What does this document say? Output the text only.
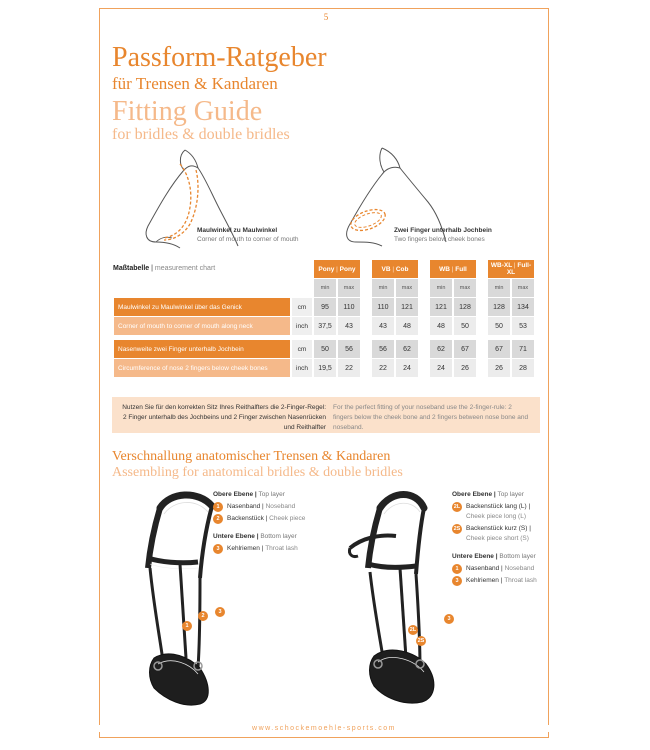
5
Passform-Ratgeber
für Trensen & Kandaren
Fitting Guide
for bridles & double bridles
Maulwinkel zu Maulwinkel
Corner of mouth to corner of mouth
Zwei Finger unterhalb Jochbein
Two fingers below cheek bones
		Pony | Pony			VB | Cob			WB | Full			WB-XL | Full-XL	
		min	max		min	max		min	max		min	max
Maulwinkel zu Maulwinkel über das Genick	cm	95	110		110	121		121	128		128	134
Corner of mouth to corner of mouth along neck	inch	37,5	43		43	48		48	50		50	53

Nasenweite zwei Finger unterhalb Jochbein	cm	50	56		56	62		62	67		67	71
Circumference of nose 2 fingers below cheek bones	inch	19,5	22		22	24		24	26		26	28
Maßtabelle | measurement chart
Nutzen Sie für den korrekten Sitz Ihres Reithalfters die 2-Finger-Regel: 2 Finger unterhalb des Jochbeins und 2 Finger zwischen Nasenrücken und Reithalfter
For the perfect fitting of your noseband use the 2-finger-rule: 2 fingers below the cheek bone and 2 fingers between nose bone and noseband.
Verschnallung anatomischer Trensen & Kandaren
Assembling for anatomical bridles & double bridles
1
2
3
Obere Ebene | Top layer
1	Nasenband | Noseband
2	Backenstück | Cheek piece
Untere Ebene | Bottom layer
3	Kehlriemen | Throat lash
2L
2S
3
Obere Ebene | Top layer
2L Backenstück lang (L) |
Cheek piece long (L)
2S Backenstück kurz (S) |
Cheek piece short (S)
Untere Ebene | Bottom layer
1	Nasenband | Noseband
3	Kehlriemen | Throat lash
www.schockemoehle-sports.com
